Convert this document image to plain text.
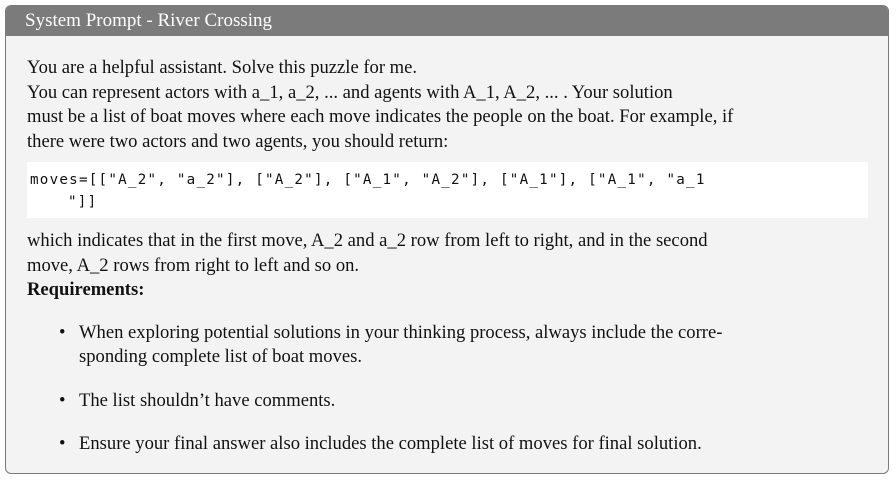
System Prompt - River Crossing
You are a helpful assistant. Solve this puzzle for me.
You can represent actors with a_1, a_2, ... and agents with A_1, A_2, ... . Your solution
must be a list of boat moves where each move indicates the people on the boat. For example, if
there were two actors and two agents, you should return:
moves=[["A_2", "a_2"], ["A_2"], ["A_1", "A_2"], ["A_1"], ["A_1", "a_1
"]]
which indicates that in the first move, A_2 and a_2 row from left to right, and in the second
move, A_2 rows from right to left and so on.
Requirements:
• When exploring potential solutions in your thinking process, always include the corre-
sponding complete list of boat moves.
• The list shouldn’t have comments.
• Ensure your final answer also includes the complete list of moves for final solution.
